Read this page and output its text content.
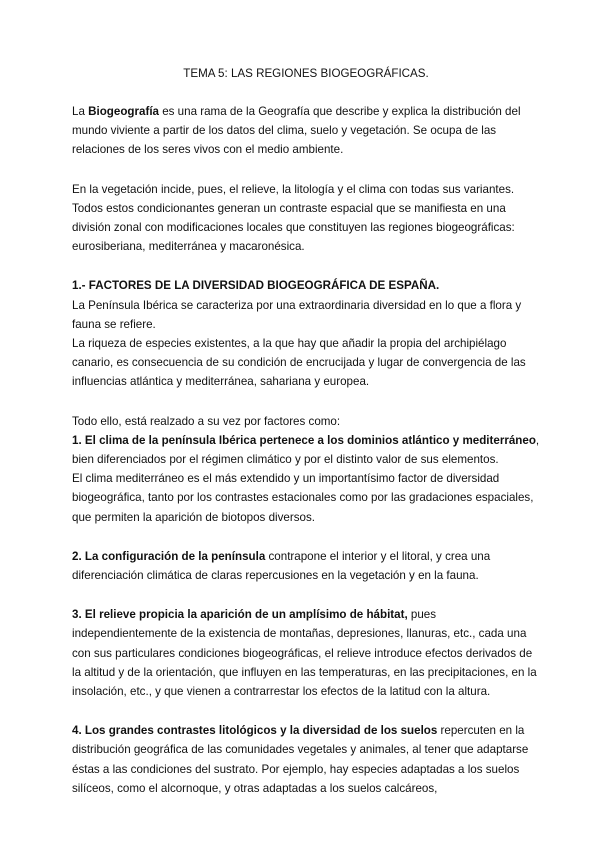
TEMA 5: LAS REGIONES BIOGEOGRÁFICAS.

La Biogeografía es una rama de la Geografía que describe y explica la distribución del mundo viviente a partir de los datos del clima, suelo y vegetación. Se ocupa de las relaciones de los seres vivos con el medio ambiente.

En la vegetación incide, pues, el relieve, la litología y el clima con todas sus variantes. Todos estos condicionantes generan un contraste espacial que se manifiesta en una división zonal con modificaciones locales que constituyen las regiones biogeográficas: eurosiberiana, mediterránea y macaronésica.

1.- FACTORES DE LA DIVERSIDAD BIOGEOGRÁFICA DE ESPAÑA.

La Península Ibérica se caracteriza por una extraordinaria diversidad en lo que a flora y fauna se refiere.

La riqueza de especies existentes, a la que hay que añadir la propia del archipiélago canario, es consecuencia de su condición de encrucijada y lugar de convergencia de las influencias atlántica y mediterránea, sahariana y europea.

Todo ello, está realzado a su vez por factores como:

1. El clima de la península Ibérica pertenece a los dominios atlántico y mediterráneo, bien diferenciados por el régimen climático y por el distinto valor de sus elementos.

El clima mediterráneo es el más extendido y un importantísimo factor de diversidad biogeográfica, tanto por los contrastes estacionales como por las gradaciones espaciales, que permiten la aparición de biotopos diversos.

2. La configuración de la península contrapone el interior y el litoral, y crea una diferenciación climática de claras repercusiones en la vegetación y en la fauna.

3. El relieve propicia la aparición de un amplísimo de hábitat, pues independientemente de la existencia de montañas, depresiones, llanuras, etc., cada una con sus particulares condiciones biogeográficas, el relieve introduce efectos derivados de la altitud y de la orientación, que influyen en las temperaturas, en las precipitaciones, en la insolación, etc., y que vienen a contrarrestar los efectos de la latitud con la altura.

4. Los grandes contrastes litológicos y la diversidad de los suelos repercuten en la distribución geográfica de las comunidades vegetales y animales, al tener que adaptarse éstas a las condiciones del sustrato. Por ejemplo, hay especies adaptadas a los suelos silíceos, como el alcornoque, y otras adaptadas a los suelos calcáreos,
